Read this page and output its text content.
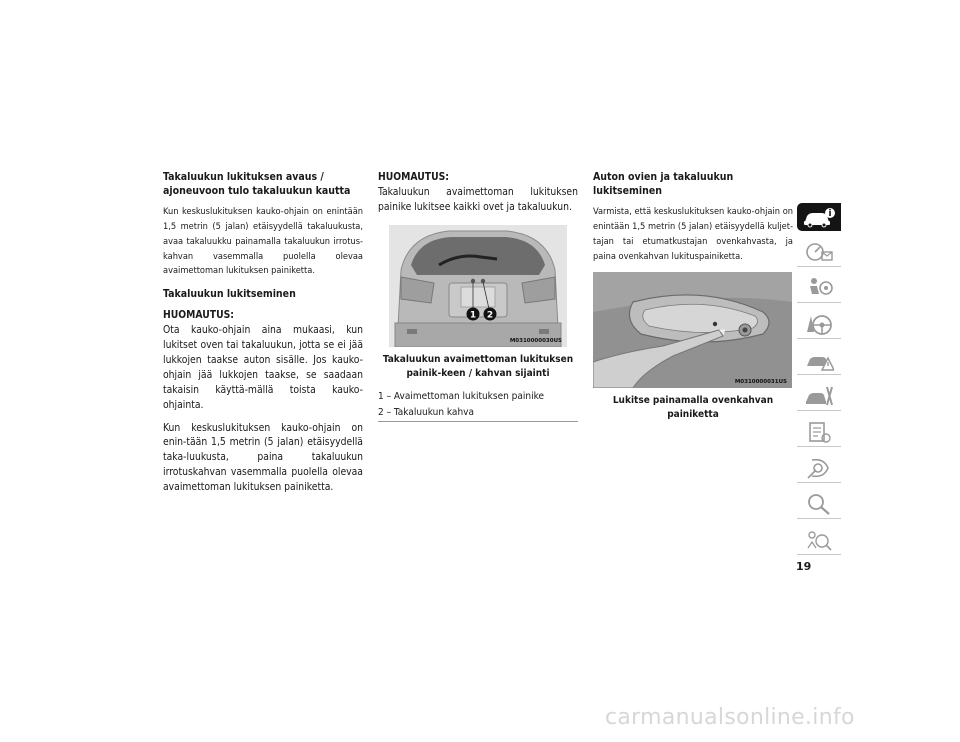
Takaluukun lukituksen avaus / ajoneuvoon tulo takaluukun kautta

Kun keskuslukituksen kauko-ohjain on enintään 1,5 metrin (5 jalan) etäisyydellä takaluukusta, avaa takaluukku painamalla takaluukun irrotus-kahvan vasemmalla puolella olevaa avaimettoman lukituksen painiketta.

Takaluukun lukitseminen

HUOMAUTUS:
Ota kauko-ohjain aina mukaasi, kun lukitset oven tai takaluukun, jotta se ei jää lukkojen taakse auton sisälle. Jos kauko-ohjain jää lukkojen taakse, se saadaan takaisin käyttä-mällä toista kauko-ohjainta.

Kun keskuslukituksen kauko-ohjain on enin-tään 1,5 metrin (5 jalan) etäisyydellä taka-luukusta, paina takaluukun irrotuskahvan vasemmalla puolella olevaa avaimettoman lukituksen painiketta.

HUOMAUTUS:
Takaluukun avaimettoman lukituksen painike lukitsee kaikki ovet ja takaluukun.

1 2
M0310000030US
Takaluukun avaimettoman lukituksen painik-keen / kahvan sijainti
1 – Avaimettoman lukituksen painike
2 – Takaluukun kahva
Auton ovien ja takaluukun lukitseminen

Varmista, että keskuslukituksen kauko-ohjain on enintään 1,5 metrin (5 jalan) etäisyydellä kuljet-tajan tai etumatkustajan ovenkahvasta, ja paina ovenkahvan lukituspainiketta.

M0310000031US
Lukitse painamalla ovenkahvan painiketta
19
carmanualsonline.info
